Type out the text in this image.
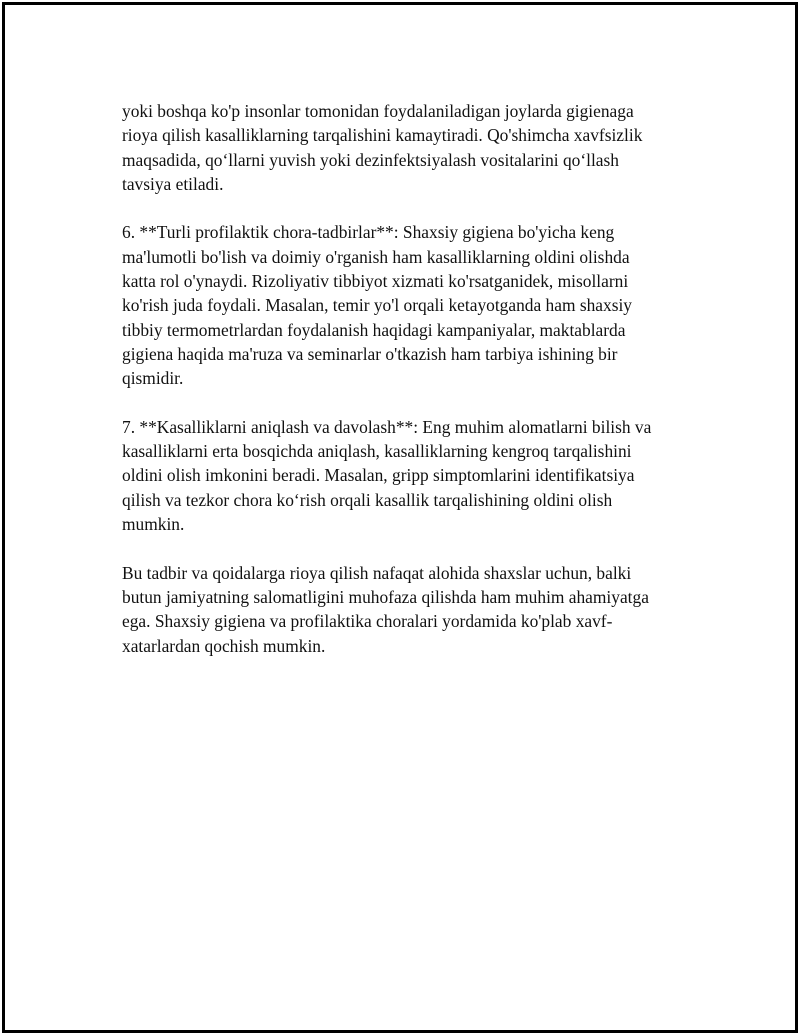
yoki boshqa ko'p insonlar tomonidan foydalaniladigan joylarda gigienaga
rioya qilish kasalliklarning tarqalishini kamaytiradi. Qo'shimcha xavfsizlik
maqsadida, qo‘llarni yuvish yoki dezinfektsiyalash vositalarini qo‘llash
tavsiya etiladi.

6. **Turli profilaktik chora-tadbirlar**: Shaxsiy gigiena bo'yicha keng
ma'lumotli bo'lish va doimiy o'rganish ham kasalliklarning oldini olishda
katta rol o'ynaydi. Rizoliyativ tibbiyot xizmati ko'rsatganidek, misollarni
ko'rish juda foydali. Masalan, temir yo'l orqali ketayotganda ham shaxsiy
tibbiy termometrlardan foydalanish haqidagi kampaniyalar, maktablarda
gigiena haqida ma'ruza va seminarlar o'tkazish ham tarbiya ishining bir
qismidir.

7. **Kasalliklarni aniqlash va davolash**: Eng muhim alomatlarni bilish va
kasalliklarni erta bosqichda aniqlash, kasalliklarning kengroq tarqalishini
oldini olish imkonini beradi. Masalan, gripp simptomlarini identifikatsiya
qilish va tezkor chora ko‘rish orqali kasallik tarqalishining oldini olish
mumkin.

Bu tadbir va qoidalarga rioya qilish nafaqat alohida shaxslar uchun, balki
butun jamiyatning salomatligini muhofaza qilishda ham muhim ahamiyatga
ega. Shaxsiy gigiena va profilaktika choralari yordamida ko'plab xavf-
xatarlardan qochish mumkin.
